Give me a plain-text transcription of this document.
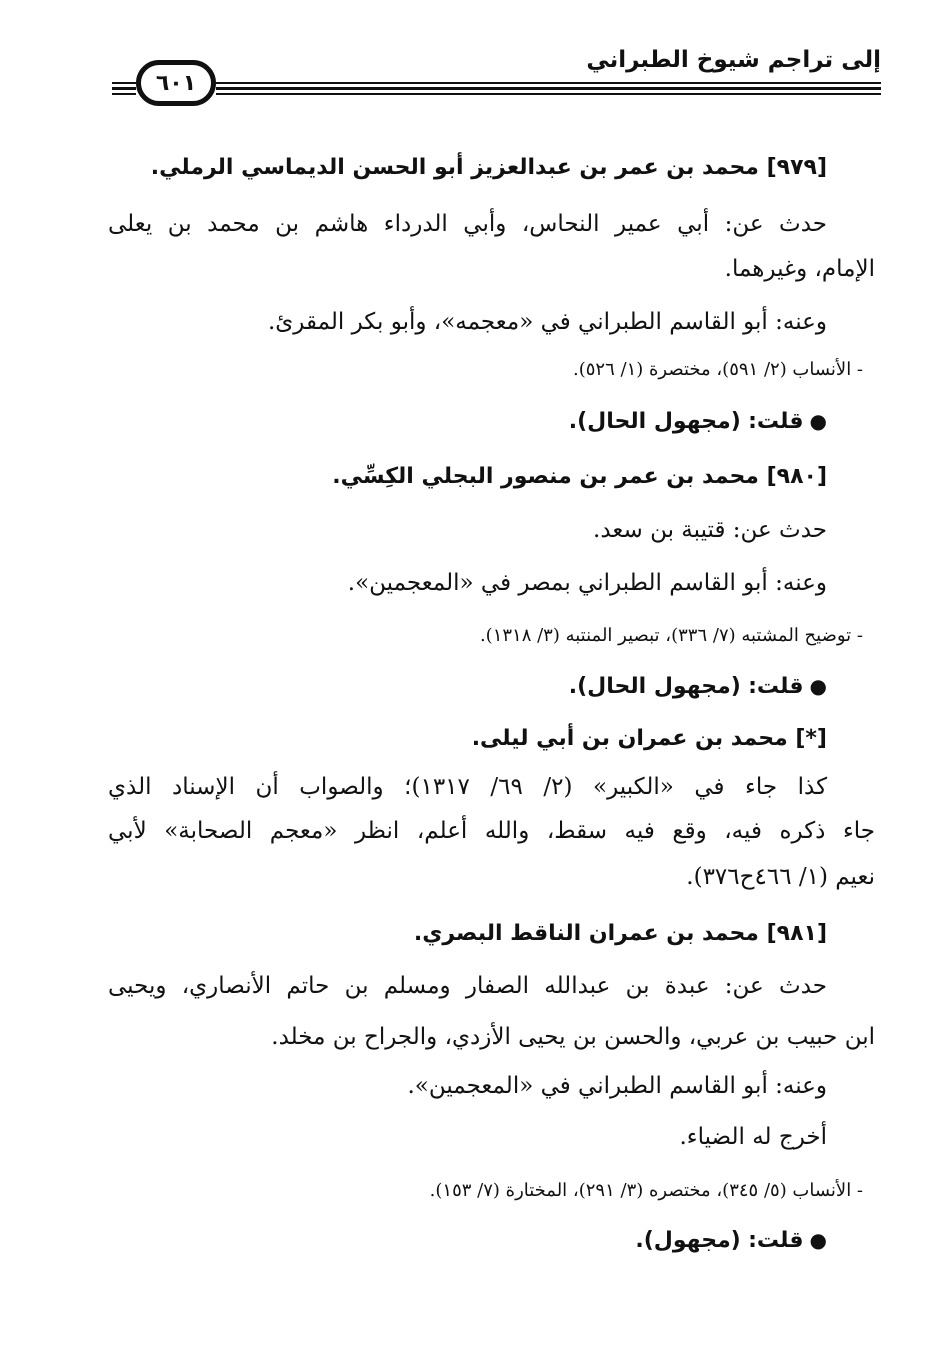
إلى تراجم شيوخ الطبراني
٦٠١
[٩٧٩] محمد بن عمر بن عبدالعزيز أبو الحسن الديماسي الرملي.
حدث عن: أبي عمير النحاس، وأبي الدرداء هاشم بن محمد بن يعلى
الإمام، وغيرهما.
وعنه: أبو القاسم الطبراني في «معجمه»، وأبو بكر المقرئ.
- الأنساب (٢/ ٥٩١)، مختصرة (١/ ٥٢٦).
●قلت: (مجهول الحال).
[٩٨٠] محمد بن عمر بن منصور البجلي الكِسِّي.
حدث عن: قتيبة بن سعد.
وعنه: أبو القاسم الطبراني بمصر في «المعجمين».
- توضيح المشتبه (٧/ ٣٣٦)، تبصير المنتبه (٣/ ١٣١٨).
●قلت: (مجهول الحال).
[*] محمد بن عمران بن أبي ليلى.
كذا جاء في «الكبير» (٢/ ٦٩/ ١٣١٧)؛ والصواب أن الإسناد الذي
جاء ذكره فيه، وقع فيه سقط، والله أعلم، انظر «معجم الصحابة» لأبي
نعيم (١/ ٤٦٦ح٣٧٦).
[٩٨١] محمد بن عمران الناقط البصري.
حدث عن: عبدة بن عبدالله الصفار ومسلم بن حاتم الأنصاري، ويحيى
ابن حبيب بن عربي، والحسن بن يحيى الأزدي، والجراح بن مخلد.
وعنه: أبو القاسم الطبراني في «المعجمين».
أخرج له الضياء.
- الأنساب (٥/ ٣٤٥)، مختصره (٣/ ٢٩١)، المختارة (٧/ ١٥٣).
●قلت: (مجهول).
